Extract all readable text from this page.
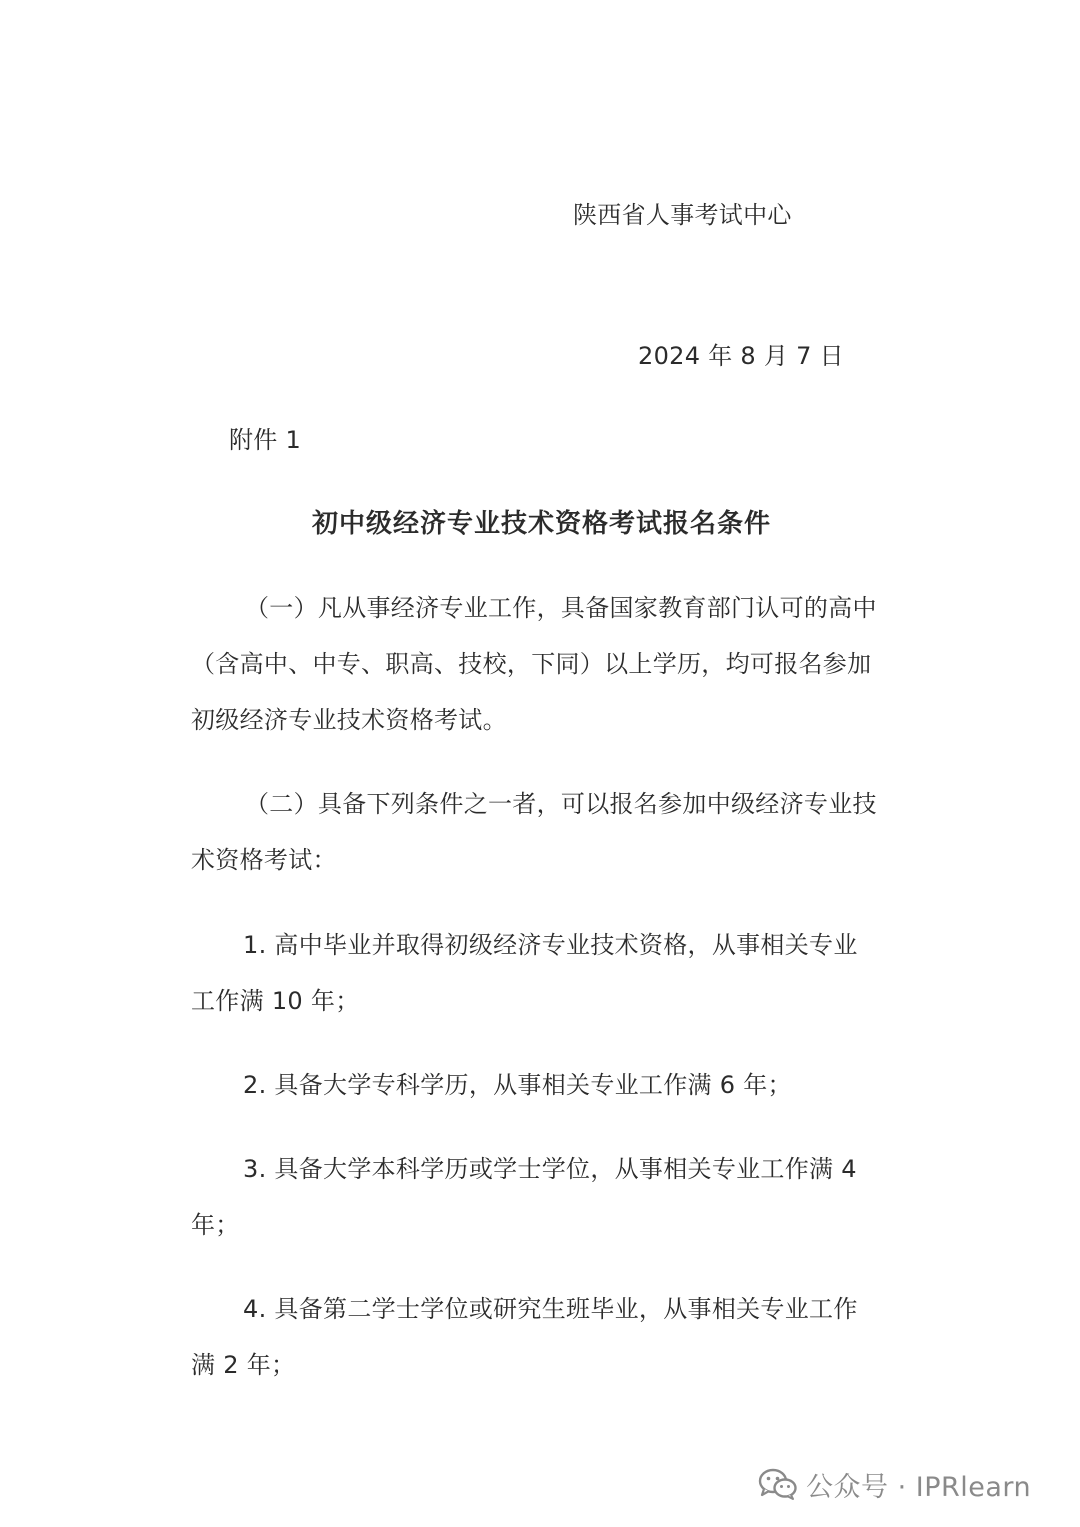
陕西省人事考试中心
2024 年 8 月 7 日
附件 1
初中级经济专业技术资格考试报名条件
（一）凡从事经济专业工作，具备国家教育部门认可的高中
（含高中、中专、职高、技校，下同）以上学历，均可报名参加
初级经济专业技术资格考试。
（二）具备下列条件之一者，可以报名参加中级经济专业技
术资格考试：
1. 高中毕业并取得初级经济专业技术资格，从事相关专业
工作满 10 年；
2. 具备大学专科学历，从事相关专业工作满 6 年；
3. 具备大学本科学历或学士学位，从事相关专业工作满 4
年；
4. 具备第二学士学位或研究生班毕业，从事相关专业工作
满 2 年；
公众号 · IPRlearn
